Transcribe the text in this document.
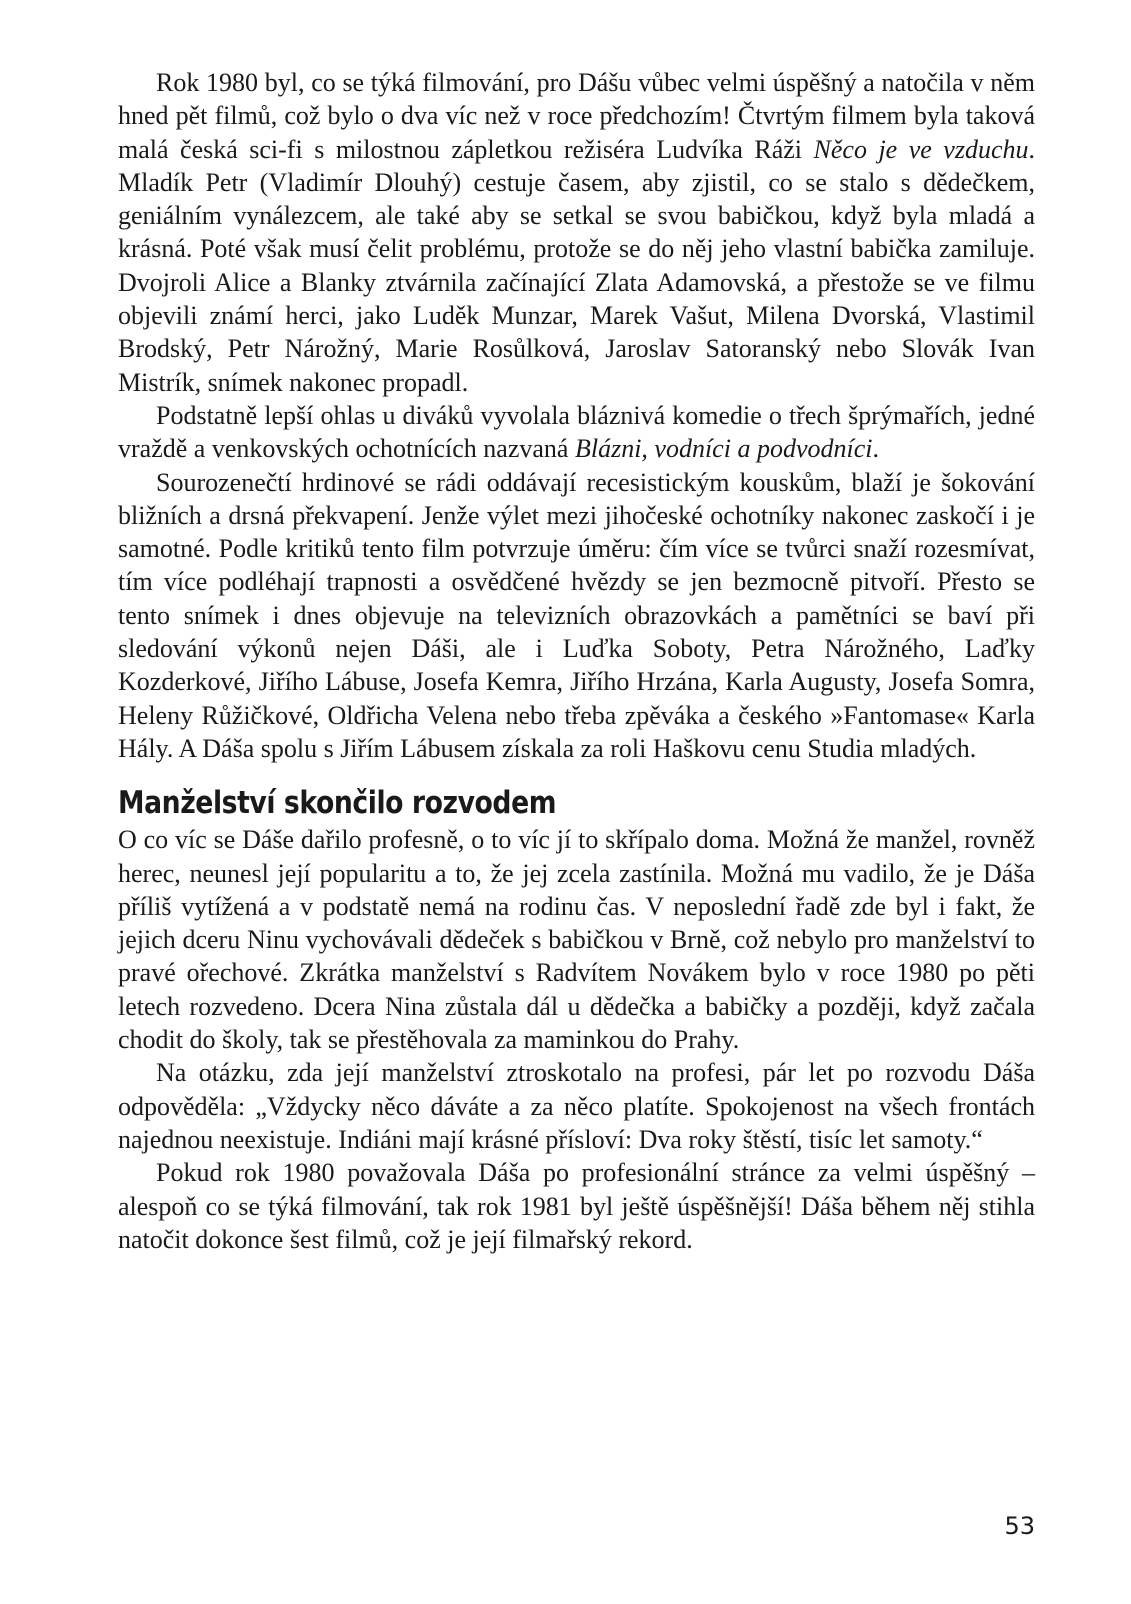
Rok 1980 byl, co se týká filmování, pro Dášu vůbec velmi úspěšný a natočila v něm hned pět filmů, což bylo o dva víc než v roce předchozím! Čtvrtým filmem byla taková malá česká sci-fi s milostnou zápletkou režiséra Ludvíka Ráži Něco je ve vzduchu. Mladík Petr (Vladimír Dlouhý) cestuje časem, aby zjistil, co se stalo s dědečkem, geniálním vynálezcem, ale také aby se setkal se svou babičkou, když byla mladá a krásná. Poté však musí čelit problému, protože se do něj jeho vlastní babička zamiluje. Dvojroli Alice a Blanky ztvárnila začínající Zlata Adamovská, a přestože se ve filmu objevili známí herci, jako Luděk Munzar, Marek Vašut, Milena Dvorská, Vlastimil Brodský, Petr Nárožný, Marie Rosůlková, Jaroslav Satoranský nebo Slovák Ivan Mistrík, snímek nakonec propadl.

Podstatně lepší ohlas u diváků vyvolala bláznivá komedie o třech šprýmařích, jedné vraždě a venkovských ochotnících nazvaná Blázni, vodníci a podvodníci.

Sourozenečtí hrdinové se rádi oddávají recesistickým kouskům, blaží je šokování bližních a drsná překvapení. Jenže výlet mezi jihočeské ochotníky nakonec zaskočí i je samotné. Podle kritiků tento film potvrzuje úměru: čím více se tvůrci snaží rozesmívat, tím více podléhají trapnosti a osvědčené hvězdy se jen bezmocně pitvoří. Přesto se tento snímek i dnes objevuje na televizních obrazovkách a pamětníci se baví při sledování výkonů nejen Dáši, ale i Luďka Soboty, Petra Nárožného, Laďky Kozderkové, Jiřího Lábuse, Josefa Kemra, Jiřího Hrzána, Karla Augusty, Josefa Somra, Heleny Růžičkové, Oldřicha Velena nebo třeba zpěváka a českého »Fantomase« Karla Hály. A Dáša spolu s Jiřím Lábusem získala za roli Haškovu cenu Studia mladých.

Manželství skončilo rozvodem

O co víc se Dáše dařilo profesně, o to víc jí to skřípalo doma. Možná že manžel, rovněž herec, neunesl její popularitu a to, že jej zcela zastínila. Možná mu vadilo, že je Dáša příliš vytížená a v podstatě nemá na rodinu čas. V neposlední řadě zde byl i fakt, že jejich dceru Ninu vychovávali dědeček s babičkou v Brně, což nebylo pro manželství to pravé ořechové. Zkrátka manželství s Radvítem Novákem bylo v roce 1980 po pěti letech rozvedeno. Dcera Nina zůstala dál u dědečka a babičky a později, když začala chodit do školy, tak se přestěhovala za maminkou do Prahy.

Na otázku, zda její manželství ztroskotalo na profesi, pár let po rozvodu Dáša odpověděla: „Vždycky něco dáváte a za něco platíte. Spokojenost na všech frontách najednou neexistuje. Indiáni mají krásné přísloví: Dva roky štěstí, tisíc let samoty.“

Pokud rok 1980 považovala Dáša po profesionální stránce za velmi úspěšný – alespoň co se týká filmování, tak rok 1981 byl ještě úspěšnější! Dáša během něj stihla natočit dokonce šest filmů, což je její filmařský rekord.

53
